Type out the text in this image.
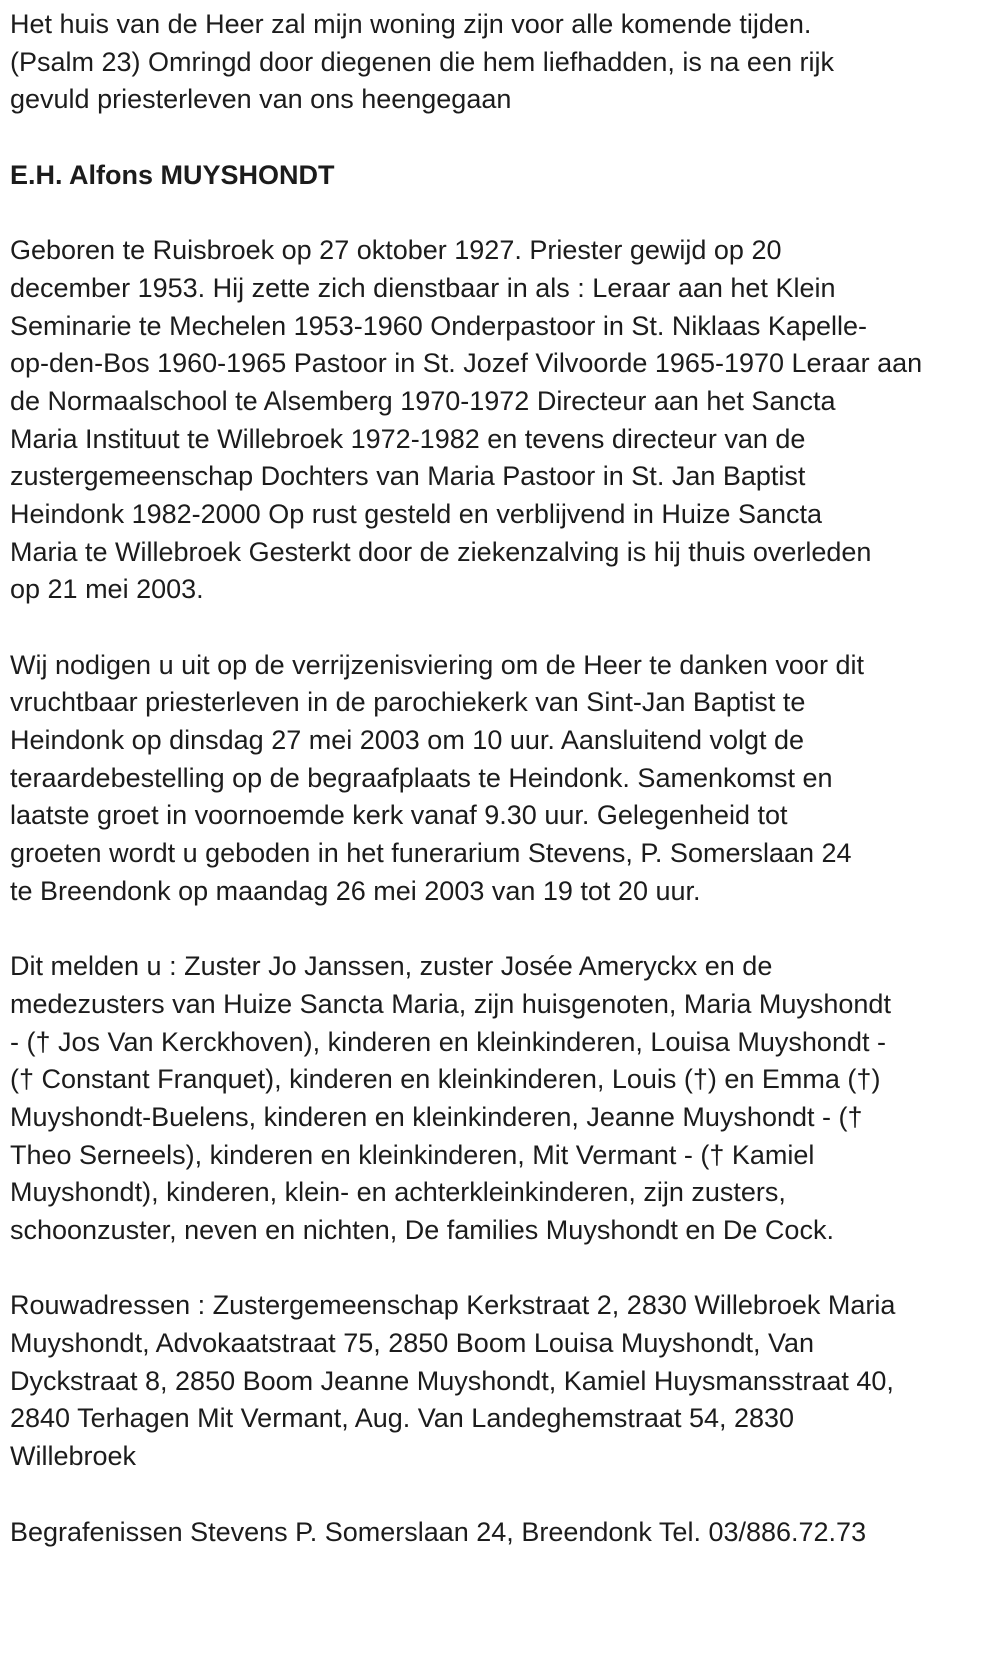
Het huis van de Heer zal mijn woning zijn voor alle komende tijden.
(Psalm 23) Omringd door diegenen die hem liefhadden, is na een rijk
gevuld priesterleven van ons heengegaan
E.H. Alfons MUYSHONDT
Geboren te Ruisbroek op 27 oktober 1927. Priester gewijd op 20
december 1953. Hij zette zich dienstbaar in als : Leraar aan het Klein
Seminarie te Mechelen 1953-1960 Onderpastoor in St. Niklaas Kapelle-
op-den-Bos 1960-1965 Pastoor in St. Jozef Vilvoorde 1965-1970 Leraar aan
de Normaalschool te Alsemberg 1970-1972 Directeur aan het Sancta
Maria Instituut te Willebroek 1972-1982 en tevens directeur van de
zustergemeenschap Dochters van Maria Pastoor in St. Jan Baptist
Heindonk 1982-2000 Op rust gesteld en verblijvend in Huize Sancta
Maria te Willebroek Gesterkt door de ziekenzalving is hij thuis overleden
op 21 mei 2003.
Wij nodigen u uit op de verrijzenisviering om de Heer te danken voor dit
vruchtbaar priesterleven in de parochiekerk van Sint-Jan Baptist te
Heindonk op dinsdag 27 mei 2003 om 10 uur. Aansluitend volgt de
teraardebestelling op de begraafplaats te Heindonk. Samenkomst en
laatste groet in voornoemde kerk vanaf 9.30 uur. Gelegenheid tot
groeten wordt u geboden in het funerarium Stevens, P. Somerslaan 24
te Breendonk op maandag 26 mei 2003 van 19 tot 20 uur.
Dit melden u : Zuster Jo Janssen, zuster Josée Ameryckx en de
medezusters van Huize Sancta Maria, zijn huisgenoten, Maria Muyshondt
- († Jos Van Kerckhoven), kinderen en kleinkinderen, Louisa Muyshondt -
(† Constant Franquet), kinderen en kleinkinderen, Louis (†) en Emma (†)
Muyshondt-Buelens, kinderen en kleinkinderen, Jeanne Muyshondt - (†
Theo Serneels), kinderen en kleinkinderen, Mit Vermant - († Kamiel
Muyshondt), kinderen, klein- en achterkleinkinderen, zijn zusters,
schoonzuster, neven en nichten, De families Muyshondt en De Cock.
Rouwadressen : Zustergemeenschap Kerkstraat 2, 2830 Willebroek Maria
Muyshondt, Advokaatstraat 75, 2850 Boom Louisa Muyshondt, Van
Dyckstraat 8, 2850 Boom Jeanne Muyshondt, Kamiel Huysmansstraat 40,
2840 Terhagen Mit Vermant, Aug. Van Landeghemstraat 54, 2830
Willebroek
Begrafenissen Stevens P. Somerslaan 24, Breendonk Tel. 03/886.72.73
